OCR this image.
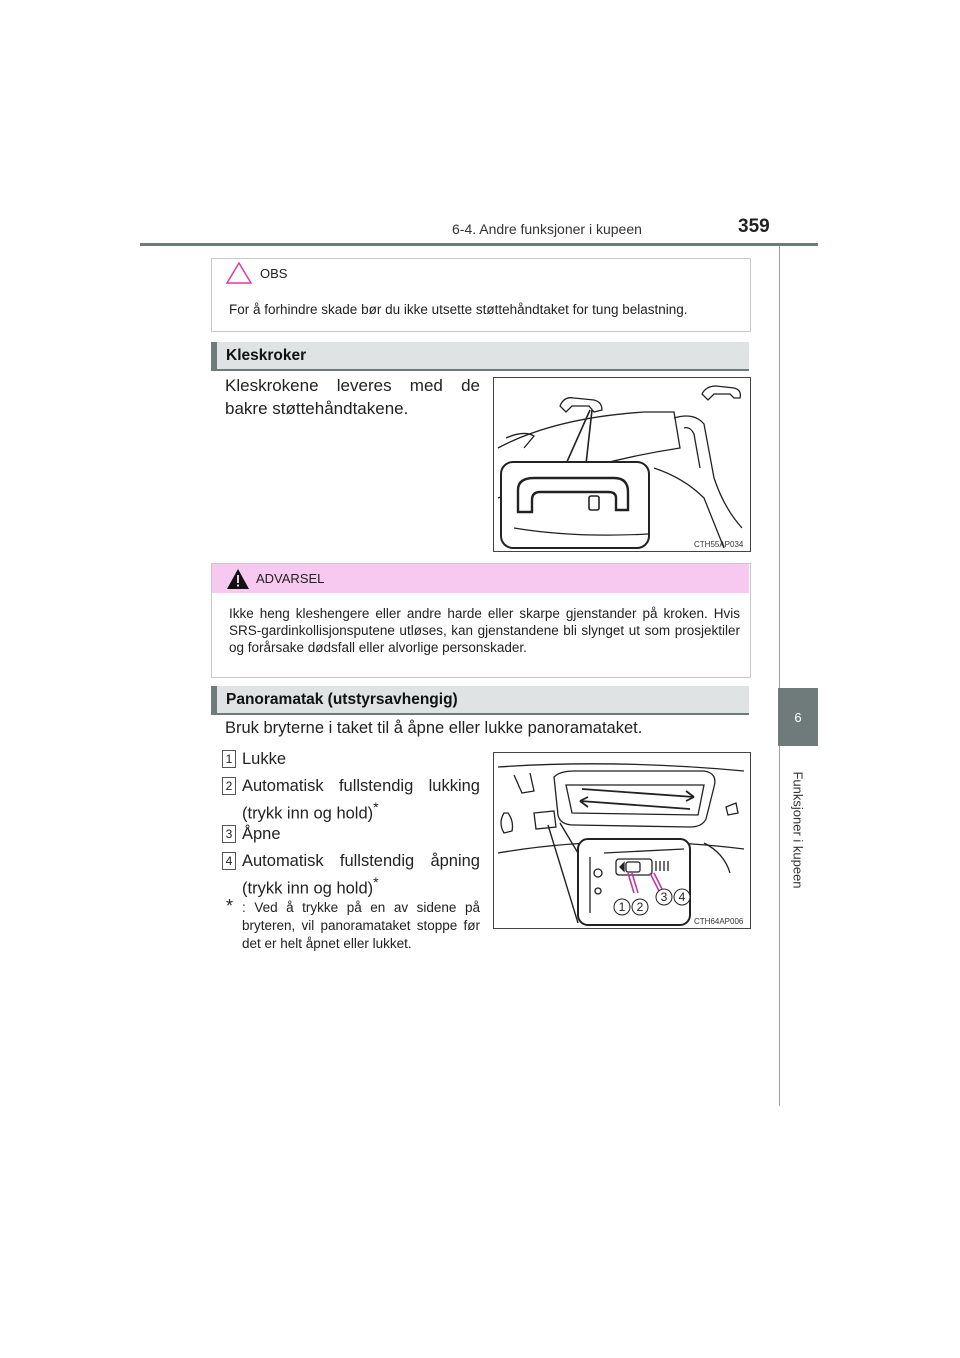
6-4. Andre funksjoner i kupeen	359
6
Funksjoner i kupeen
OBS
For å forhindre skade bør du ikke utsette støttehåndtaket for tung belastning.
Kleskroker
Kleskrokene leveres med de
bakre støttehåndtakene.
CTH55AP034
ADVARSEL
Ikke heng kleshengere eller andre harde eller skarpe gjenstander på kroken. Hvis SRS-gardinkollisjonsputene utløses, kan gjenstandene bli slynget ut som prosjektiler og forårsake dødsfall eller alvorlige personskader.
Panoramatak (utstyrsavhengig)
Bruk bryterne i taket til å åpne eller lukke panoramataket.
1 Lukke
2 Automatisk fullstendig lukking
(trykk inn og hold)*
3 Åpne
4 Automatisk fullstendig åpning
(trykk inn og hold)*
* : Ved å trykke på en av sidene på bryteren, vil panoramataket stoppe før det er helt åpnet eller lukket.
1 2
3 4
CTH64AP006
